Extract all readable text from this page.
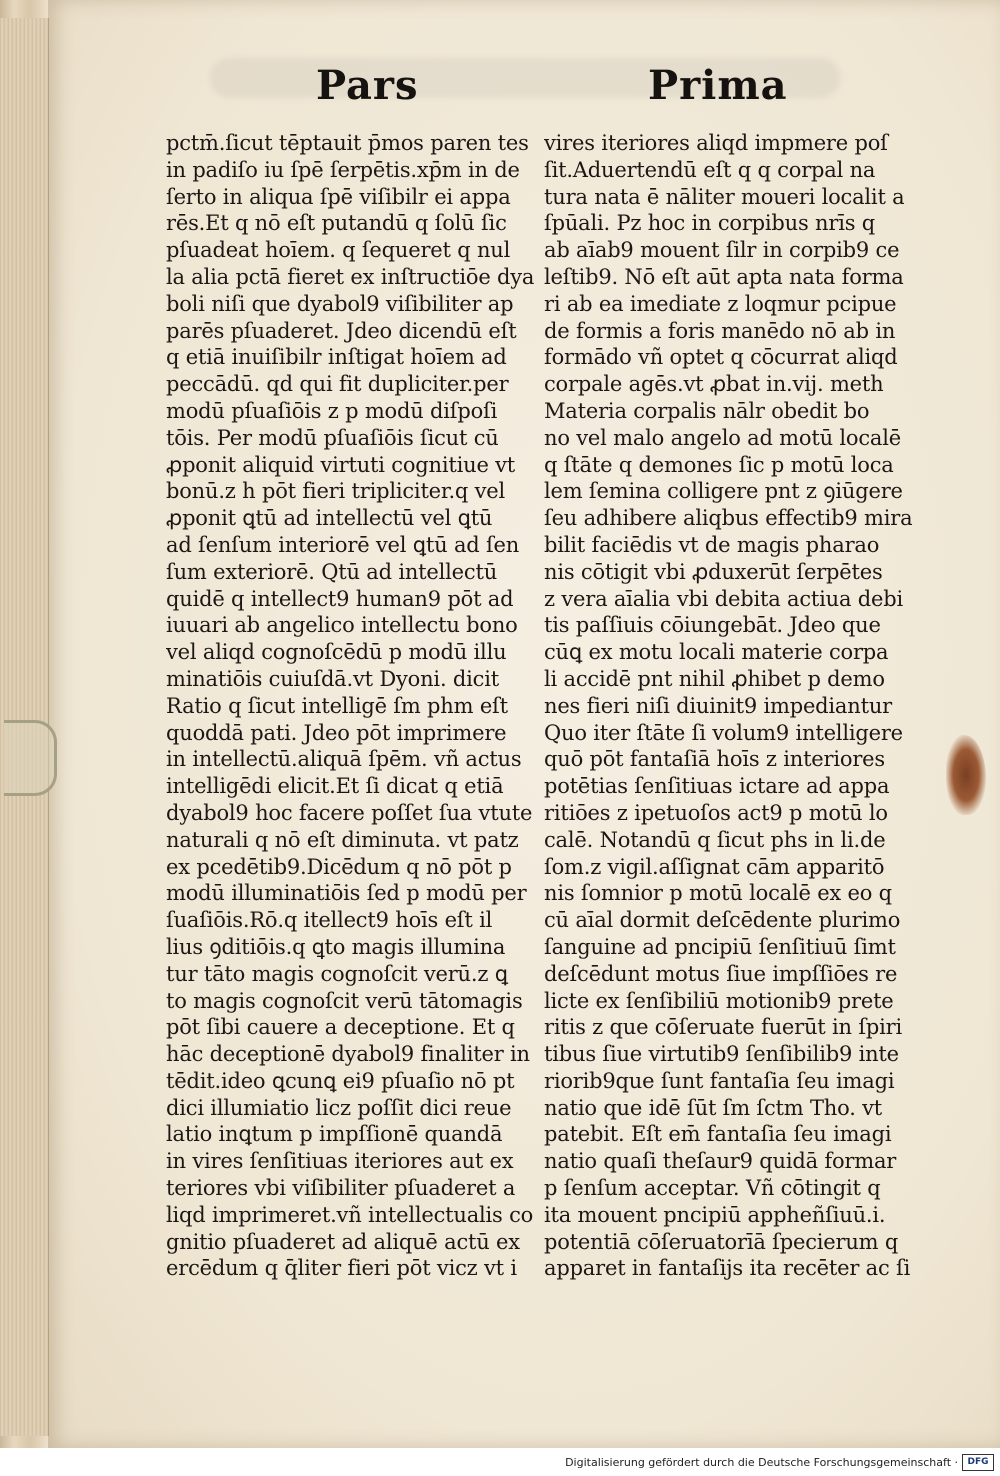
Pars	Prima
pctm̄.ſicut tēptauit p̄mos paren tes
in padiſo iu ſpē ſerpētis.xp̄m in de
ſerto in aliqua ſpē viſibilr ei appa
rēs.Et q nō eſt putandū q ſolū ſic
pſuadeat hoīem. q ſequeret q nul
la alia pctā fieret ex inſtructiōe dya
boli niſi que dyabol9 viſibiliter ap
parēs pſuaderet. Jdeo dicendū eſt
q etiā inuiſibilr inſtigat hoīem ad
peccādū. qd qui fit dupliciter.per
modū pſuaſiōis z p modū diſpoſi
tōis. Per modū pſuaſiōis ſicut cū
ꝓponit aliquid virtuti cognitiue vt
bonū.z h pōt fieri tripliciter.q vel
ꝓponit ꝗtū ad intellectū vel ꝗtū
ad ſenſum interiorē vel ꝗtū ad ſen
ſum exteriorē. Qtū ad intellectū
quidē q intellect9 human9 pōt ad
iuuari ab angelico intellectu bono
vel aliqd cognoſcēdū p modū illu
minatiōis cuiuſdā.vt Dyoni. dicit
Ratio q ſicut intelligē ſm phm eſt
quoddā pati. Jdeo pōt imprimere
in intellectū.aliquā ſpēm. vñ actus
intelligēdi elicit.Et ſi dicat q etiā
dyabol9 hoc facere poſſet ſua vtute
naturali q nō eſt diminuta. vt patz
ex pcedētib9.Dicēdum q nō pōt p
modū illuminatiōis ſed p modū per
ſuaſiōis.Rō.q itellect9 hoīs eſt il
lius ꝯditiōis.q ꝗto magis illumina
tur tāto magis cognoſcit verū.z ꝗ
to magis cognoſcit verū tātomagis
pōt ſibi cauere a deceptione. Et q
hāc deceptionē dyabol9 finaliter in
tēdit.ideo ꝗcunꝗ ei9 pſuaſio nō pt
dici illumiatio licz poſſit dici reue
latio inꝗtum p impſſionē quandā
in vires ſenſitiuas iteriores aut ex
teriores vbi viſibiliter pſuaderet a
liqd imprimeret.vñ intellectualis co
gnitio pſuaderet ad aliquē actū ex
ercēdum q q̄liter fieri pōt vicz vt i
vires iteriores aliqd impmere poſ
ſit.Aduertendū eſt q q corpal na
tura nata ē nāliter moueri localit a
ſpūali. Pz hoc in corpibus nrīs q
ab aīab9 mouent ſilr in corpib9 ce
leſtib9. Nō eſt aūt apta nata forma
ri ab ea imediate z loqmur pcipue
de formis a foris manēdo nō ab in
formādo vñ optet q cōcurrat aliqd
corpale agēs.vt ꝓbat in.vij. meth
Materia corpalis nālr obedit bo
no vel malo angelo ad motū localē
q ſtāte q demones ſic p motū loca
lem ſemina colligere pnt z ꝯiūgere
ſeu adhibere aliqbus effectib9 mira
bilit faciēdis vt de magis pharao
nis cōtigit vbi ꝓduxerūt ſerpētes
z vera aīalia vbi debita actiua debi
tis paſſiuis cōiungebāt. Jdeo que
cūꝗ ex motu locali materie corpa
li accidē pnt nihil ꝓhibet p demo
nes fieri niſi diuinit9 impediantur
Quo iter ſtāte ſi volum9 intelligere
quō pōt fantaſiā hoīs z interiores
potētias ſenſitiuas ictare ad appa
ritiōes z ipetuoſos act9 p motū lo
calē. Notandū q ſicut phs in li.de
ſom.z vigil.aſſignat cām apparitō
nis ſomnior p motū localē ex eo q
cū aīal dormit deſcēdente plurimo
ſanguine ad pncipiū ſenſitiuū ſimt
deſcēdunt motus ſiue impſſiōes re
licte ex ſenſibiliū motionib9 prete
ritis z que cōſeruate fuerūt in ſpiri
tibus ſiue virtutib9 ſenſibilib9 inte
riorib9que ſunt fantaſia ſeu imagi
natio que idē ſūt ſm ſctm Tho. vt
patebit. Eſt em̄ fantaſia ſeu imagi
natio quaſi theſaur9 quidā formar
p ſenſum acceptar. Vñ cōtingit q
ita mouent pncipiū appheñſiuū.i.
potentiā cōſeruatorīā ſpecierum q
apparet in fantaſijs ita recēter ac ſi
Digitalisierung gefördert durch die Deutsche Forschungsgemeinschaft ·	DFG
